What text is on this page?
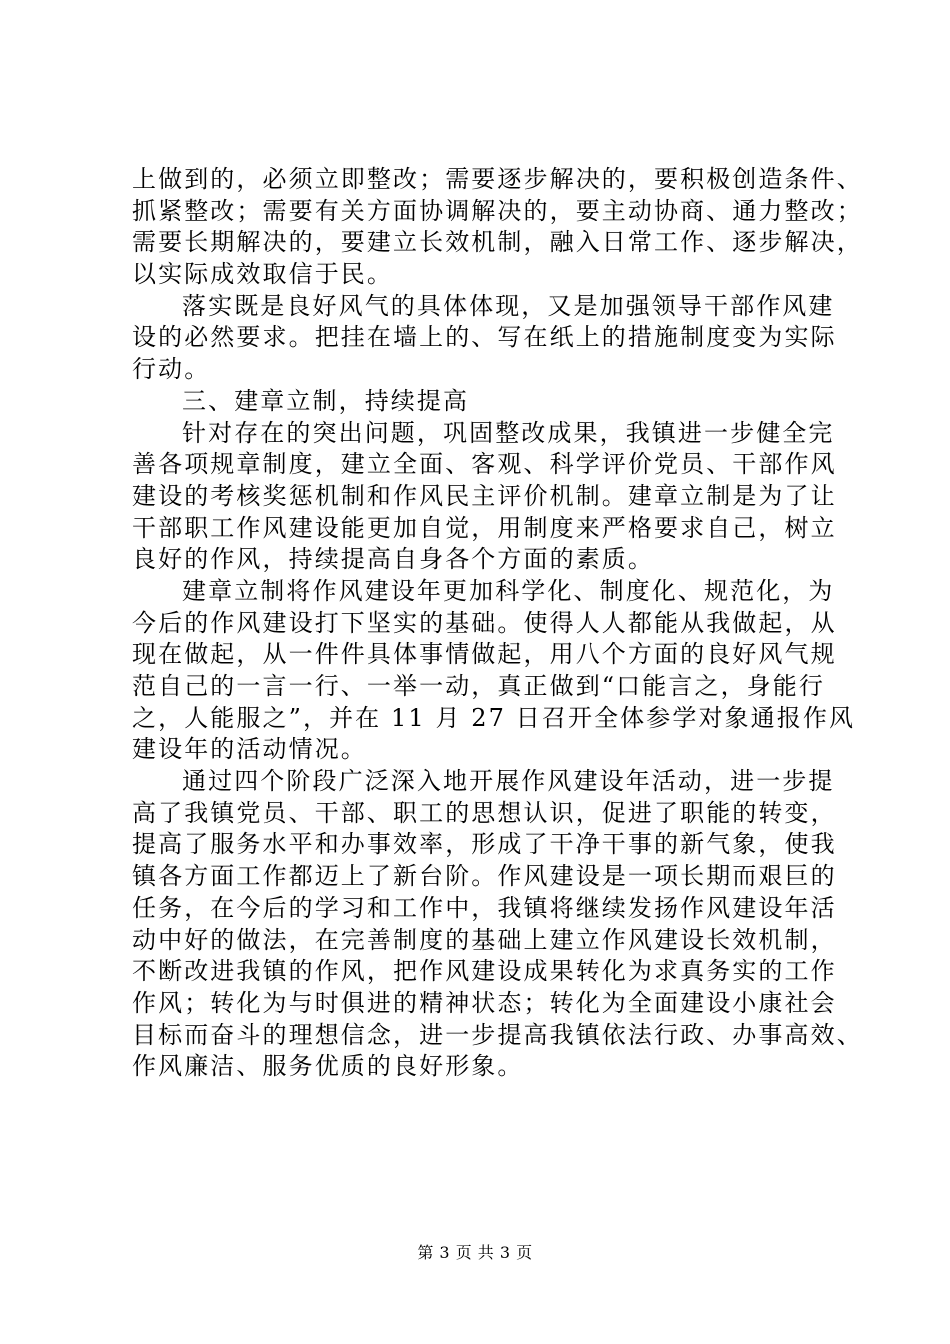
上做到的，必须立即整改；需要逐步解决的，要积极创造条件、
抓紧整改；需要有关方面协调解决的，要主动协商、通力整改；
需要长期解决的，要建立长效机制，融入日常工作、逐步解决，
以实际成效取信于民。
落实既是良好风气的具体体现，又是加强领导干部作风建
设的必然要求。把挂在墙上的、写在纸上的措施制度变为实际
行动。
三、建章立制，持续提高
针对存在的突出问题，巩固整改成果，我镇进一步健全完
善各项规章制度，建立全面、客观、科学评价党员、干部作风
建设的考核奖惩机制和作风民主评价机制。建章立制是为了让
干部职工作风建设能更加自觉，用制度来严格要求自己，树立
良好的作风，持续提高自身各个方面的素质。
建章立制将作风建设年更加科学化、制度化、规范化，为
今后的作风建设打下坚实的基础。使得人人都能从我做起，从
现在做起，从一件件具体事情做起，用八个方面的良好风气规
范自己的一言一行、一举一动，真正做到“口能言之，身能行
之，人能服之”，并在 11 月 27 日召开全体参学对象通报作风
建设年的活动情况。
通过四个阶段广泛深入地开展作风建设年活动，进一步提
高了我镇党员、干部、职工的思想认识，促进了职能的转变，
提高了服务水平和办事效率，形成了干净干事的新气象，使我
镇各方面工作都迈上了新台阶。作风建设是一项长期而艰巨的
任务，在今后的学习和工作中，我镇将继续发扬作风建设年活
动中好的做法，在完善制度的基础上建立作风建设长效机制，
不断改进我镇的作风，把作风建设成果转化为求真务实的工作
作风；转化为与时俱进的精神状态；转化为全面建设小康社会
目标而奋斗的理想信念，进一步提高我镇依法行政、办事高效、
作风廉洁、服务优质的良好形象。
第 3 页 共 3 页
